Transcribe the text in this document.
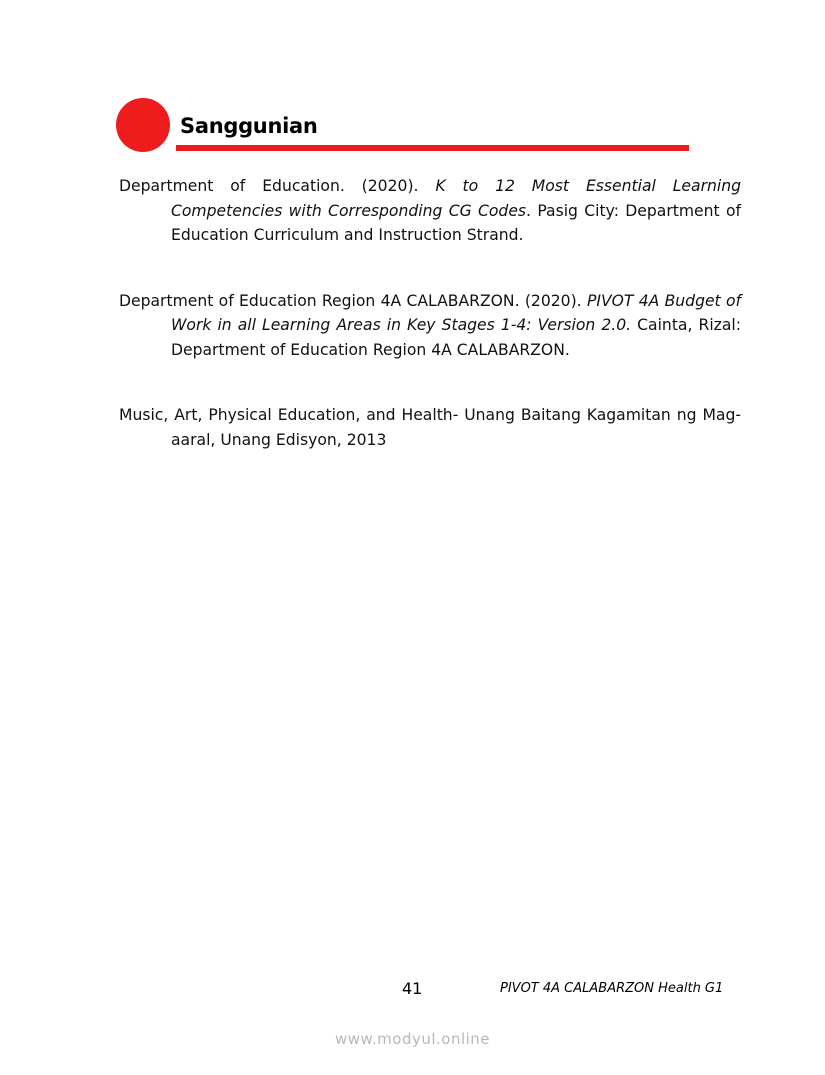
Sanggunian

Department of Education. (2020). K to 12 Most Essential Learning Competencies with Corresponding CG Codes. Pasig City: Department of Education Curriculum and Instruction Strand.

Department of Education Region 4A CALABARZON. (2020). PIVOT 4A Budget of Work in all Learning Areas in Key Stages 1-4: Version 2.0. Cainta, Rizal: Department of Education Region 4A CALABARZON.

Music, Art, Physical Education, and Health- Unang Baitang Kagamitan ng Mag-aaral, Unang Edisyon, 2013

41	PIVOT 4A CALABARZON Health G1
www.modyul.online
